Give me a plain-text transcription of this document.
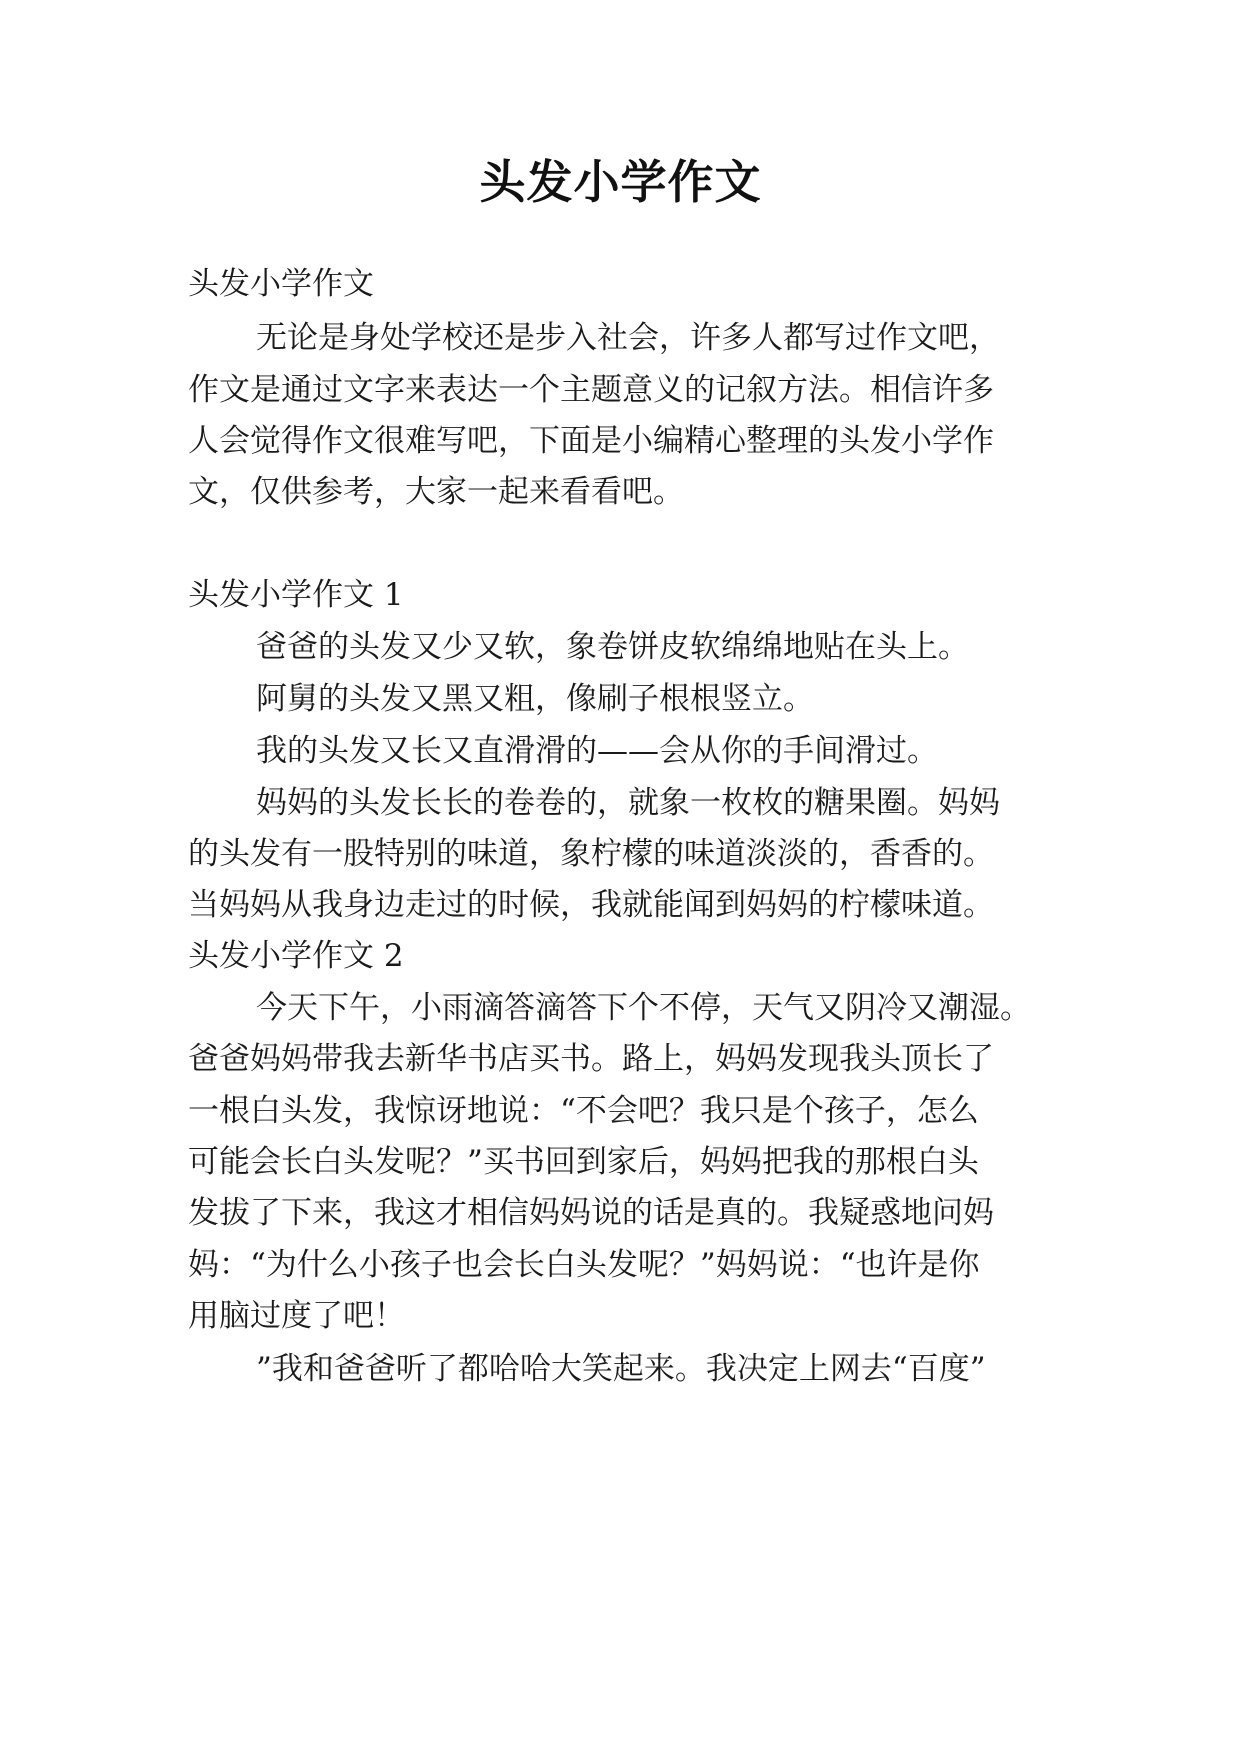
头发小学作文
头发小学作文
无论是身处学校还是步入社会，许多人都写过作文吧，
作文是通过文字来表达一个主题意义的记叙方法。相信许多
人会觉得作文很难写吧，下面是小编精心整理的头发小学作
文，仅供参考，大家一起来看看吧。
头发小学作文 1
爸爸的头发又少又软，象卷饼皮软绵绵地贴在头上。
阿舅的头发又黑又粗，像刷子根根竖立。
我的头发又长又直滑滑的——会从你的手间滑过。
妈妈的头发长长的卷卷的，就象一枚枚的糖果圈。妈妈
的头发有一股特别的味道，象柠檬的味道淡淡的，香香的。
当妈妈从我身边走过的时候，我就能闻到妈妈的柠檬味道。
头发小学作文 2
今天下午，小雨滴答滴答下个不停，天气又阴冷又潮湿。
爸爸妈妈带我去新华书店买书。路上，妈妈发现我头顶长了
一根白头发，我惊讶地说：“不会吧？我只是个孩子，怎么
可能会长白头发呢？”买书回到家后，妈妈把我的那根白头
发拔了下来，我这才相信妈妈说的话是真的。我疑惑地问妈
妈：“为什么小孩子也会长白头发呢？”妈妈说：“也许是你
用脑过度了吧！
”我和爸爸听了都哈哈大笑起来。我决定上网去“百度”
